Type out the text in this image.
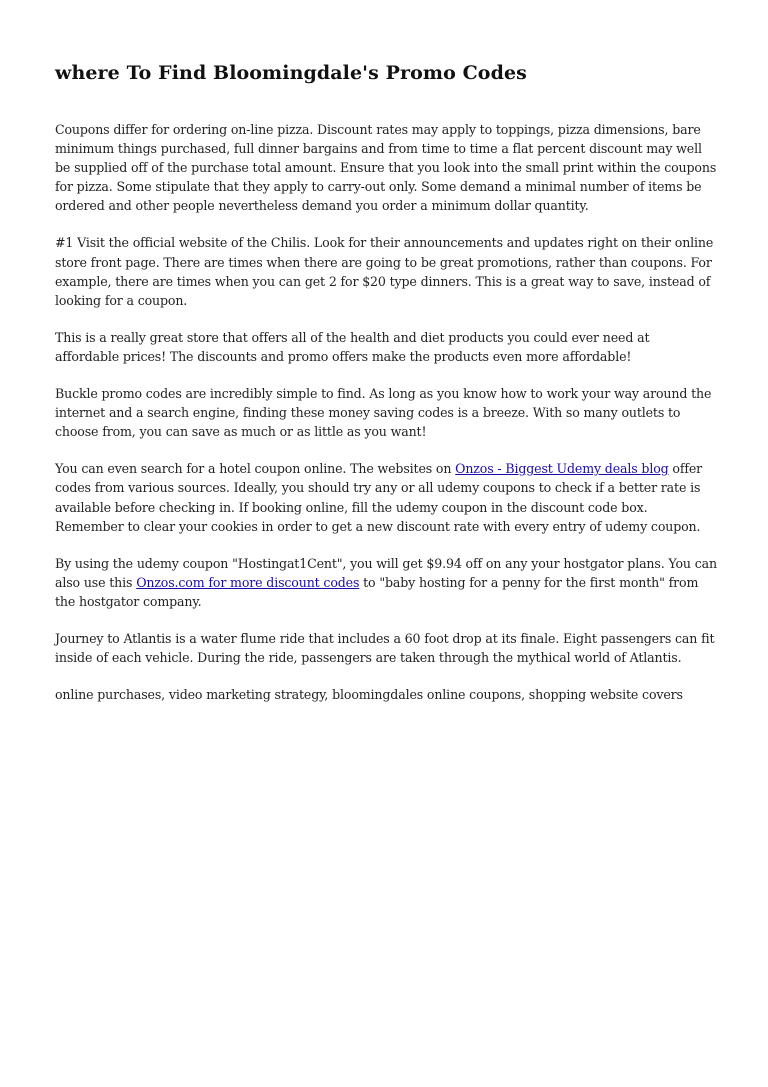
where To Find Bloomingdale's Promo Codes

Coupons differ for ordering on-line pizza. Discount rates may apply to toppings, pizza dimensions, bare minimum things purchased, full dinner bargains and from time to time a flat percent discount may well be supplied off of the purchase total amount. Ensure that you look into the small print within the coupons for pizza. Some stipulate that they apply to carry-out only. Some demand a minimal number of items be ordered and other people nevertheless demand you order a minimum dollar quantity.

#1 Visit the official website of the Chilis. Look for their announcements and updates right on their online store front page. There are times when there are going to be great promotions, rather than coupons. For example, there are times when you can get 2 for $20 type dinners. This is a great way to save, instead of looking for a coupon.

This is a really great store that offers all of the health and diet products you could ever need at affordable prices! The discounts and promo offers make the products even more affordable!

Buckle promo codes are incredibly simple to find. As long as you know how to work your way around the internet and a search engine, finding these money saving codes is a breeze. With so many outlets to choose from, you can save as much or as little as you want!

You can even search for a hotel coupon online. The websites on Onzos - Biggest Udemy deals blog offer codes from various sources. Ideally, you should try any or all udemy coupons to check if a better rate is available before checking in. If booking online, fill the udemy coupon in the discount code box. Remember to clear your cookies in order to get a new discount rate with every entry of udemy coupon.

By using the udemy coupon "Hostingat1Cent", you will get $9.94 off on any your hostgator plans. You can also use this Onzos.com for more discount codes to "baby hosting for a penny for the first month" from the hostgator company.

Journey to Atlantis is a water flume ride that includes a 60 foot drop at its finale. Eight passengers can fit inside of each vehicle. During the ride, passengers are taken through the mythical world of Atlantis.

online purchases, video marketing strategy, bloomingdales online coupons, shopping website covers
